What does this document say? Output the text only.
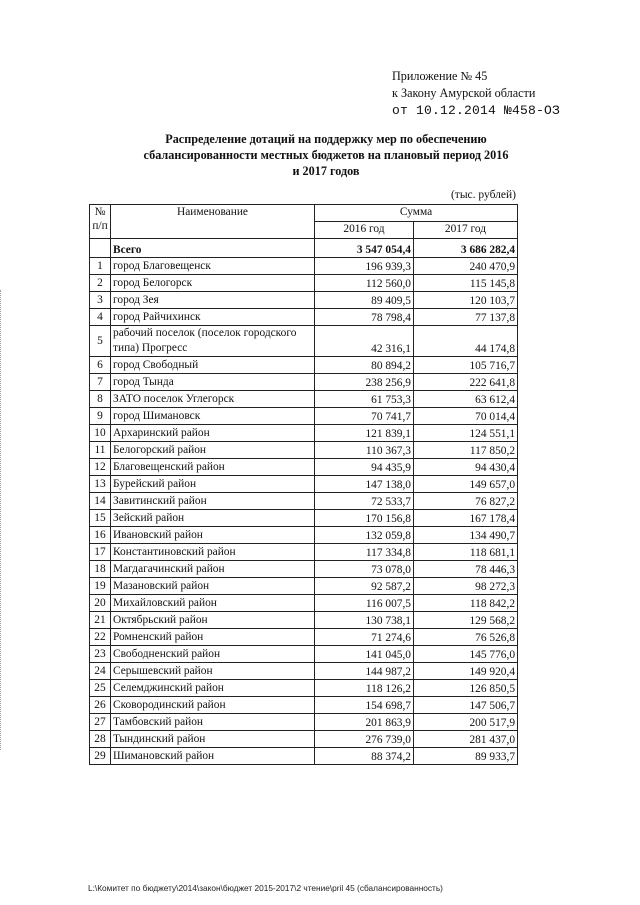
Приложение № 45
к Закону Амурской области
от 10.12.2014 №458-ОЗ
Распределение дотаций на поддержку мер по обеспечению сбалансированности местных бюджетов на плановый период 2016 и 2017 годов
(тыс. рублей)
№
п/п	Наименование	Сумма	
		2016 год	2017 год
	Всего	3 547 054,4	3 686 282,4
1	город Благовещенск	196 939,3	240 470,9
2	город Белогорск	112 560,0	115 145,8
3	город Зея	89 409,5	120 103,7
4	город Райчихинск	78 798,4	77 137,8
5	рабочий поселок (поселок городского типа) Прогресс	42 316,1	44 174,8
6	город Свободный	80 894,2	105 716,7
7	город Тында	238 256,9	222 641,8
8	ЗАТО поселок Углегорск	61 753,3	63 612,4
9	город Шимановск	70 741,7	70 014,4
10	Архаринский район	121 839,1	124 551,1
11	Белогорский район	110 367,3	117 850,2
12	Благовещенский район	94 435,9	94 430,4
13	Бурейский район	147 138,0	149 657,0
14	Завитинский район	72 533,7	76 827,2
15	Зейский район	170 156,8	167 178,4
16	Ивановский район	132 059,8	134 490,7
17	Константиновский район	117 334,8	118 681,1
18	Магдагачинский район	73 078,0	78 446,3
19	Мазановский район	92 587,2	98 272,3
20	Михайловский район	116 007,5	118 842,2
21	Октябрьский район	130 738,1	129 568,2
22	Ромненский район	71 274,6	76 526,8
23	Свободненский район	141 045,0	145 776,0
24	Серышевский район	144 987,2	149 920,4
25	Селемджинский район	118 126,2	126 850,5
26	Сковородинский район	154 698,7	147 506,7
27	Тамбовский район	201 863,9	200 517,9
28	Тындинский район	276 739,0	281 437,0
29	Шимановский район	88 374,2	89 933,7
L:\Комитет по бюджету\2014\закон\бюджет 2015-2017\2 чтение\pril 45 (сбалансированность)
